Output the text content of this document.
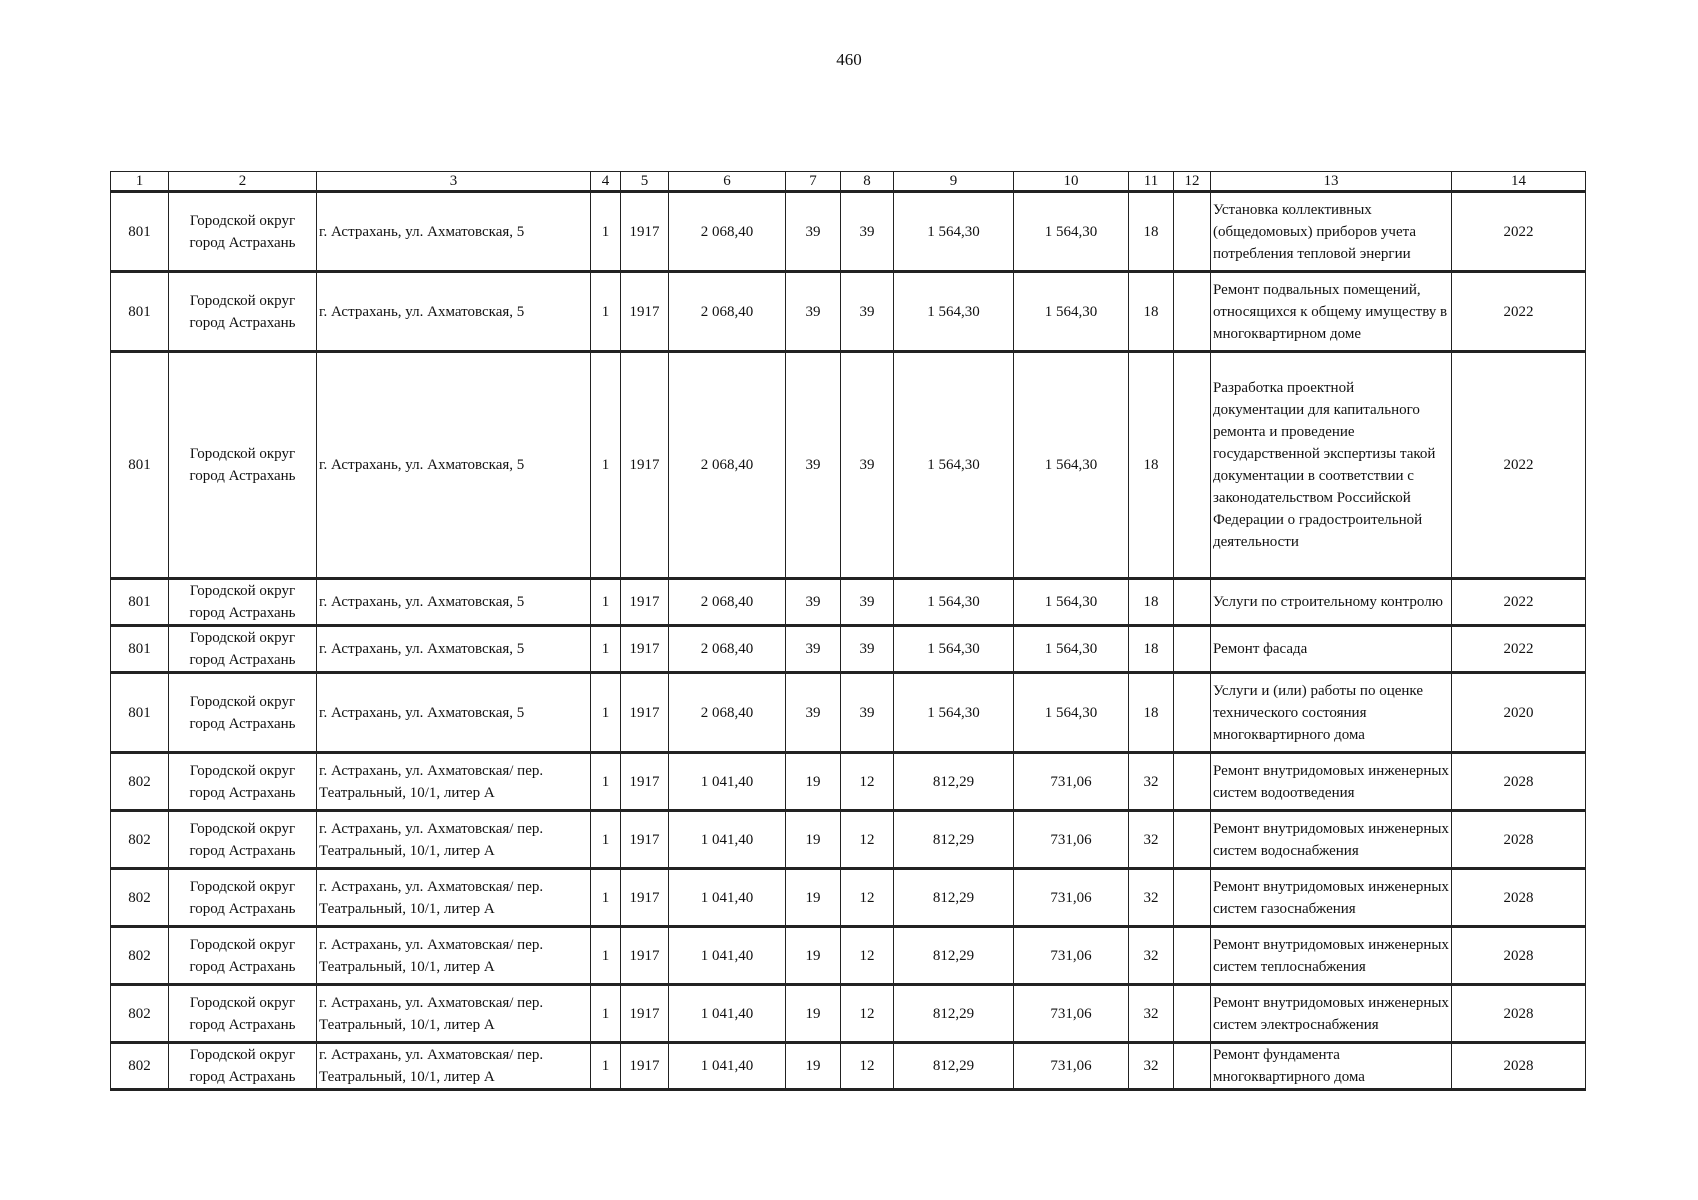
460
1	2	3	4	5	6	7	8	9	10	11	12	13	14
801	Городской округ город Астрахань	г. Астрахань, ул. Ахматовская, 5	1	1917	2 068,40	39	39	1 564,30	1 564,30	18		Установка коллективных (общедомовых) приборов учета потребления тепловой энергии	2022
801	Городской округ город Астрахань	г. Астрахань, ул. Ахматовская, 5	1	1917	2 068,40	39	39	1 564,30	1 564,30	18		Ремонт подвальных помещений, относящихся к общему имуществу в многоквартирном доме	2022
801	Городской округ город Астрахань	г. Астрахань, ул. Ахматовская, 5	1	1917	2 068,40	39	39	1 564,30	1 564,30	18		Разработка проектной документации для капитального ремонта и проведение государственной экспертизы такой документации в соответствии с законодательством Российской Федерации о градостроительной деятельности	2022
801	Городской округ город Астрахань	г. Астрахань, ул. Ахматовская, 5	1	1917	2 068,40	39	39	1 564,30	1 564,30	18		Услуги по строительному контролю	2022
801	Городской округ город Астрахань	г. Астрахань, ул. Ахматовская, 5	1	1917	2 068,40	39	39	1 564,30	1 564,30	18		Ремонт фасада	2022
801	Городской округ город Астрахань	г. Астрахань, ул. Ахматовская, 5	1	1917	2 068,40	39	39	1 564,30	1 564,30	18		Услуги и (или) работы по оценке технического состояния многоквартирного дома	2020
802	Городской округ город Астрахань	г. Астрахань, ул. Ахматовская/ пер. Театральный, 10/1, литер А	1	1917	1 041,40	19	12	812,29	731,06	32		Ремонт внутридомовых инженерных систем водоотведения	2028
802	Городской округ город Астрахань	г. Астрахань, ул. Ахматовская/ пер. Театральный, 10/1, литер А	1	1917	1 041,40	19	12	812,29	731,06	32		Ремонт внутридомовых инженерных систем водоснабжения	2028
802	Городской округ город Астрахань	г. Астрахань, ул. Ахматовская/ пер. Театральный, 10/1, литер А	1	1917	1 041,40	19	12	812,29	731,06	32		Ремонт внутридомовых инженерных систем газоснабжения	2028
802	Городской округ город Астрахань	г. Астрахань, ул. Ахматовская/ пер. Театральный, 10/1, литер А	1	1917	1 041,40	19	12	812,29	731,06	32		Ремонт внутридомовых инженерных систем теплоснабжения	2028
802	Городской округ город Астрахань	г. Астрахань, ул. Ахматовская/ пер. Театральный, 10/1, литер А	1	1917	1 041,40	19	12	812,29	731,06	32		Ремонт внутридомовых инженерных систем электроснабжения	2028
802	Городской округ город Астрахань	г. Астрахань, ул. Ахматовская/ пер. Театральный, 10/1, литер А	1	1917	1 041,40	19	12	812,29	731,06	32		Ремонт фундамента многоквартирного дома	2028
